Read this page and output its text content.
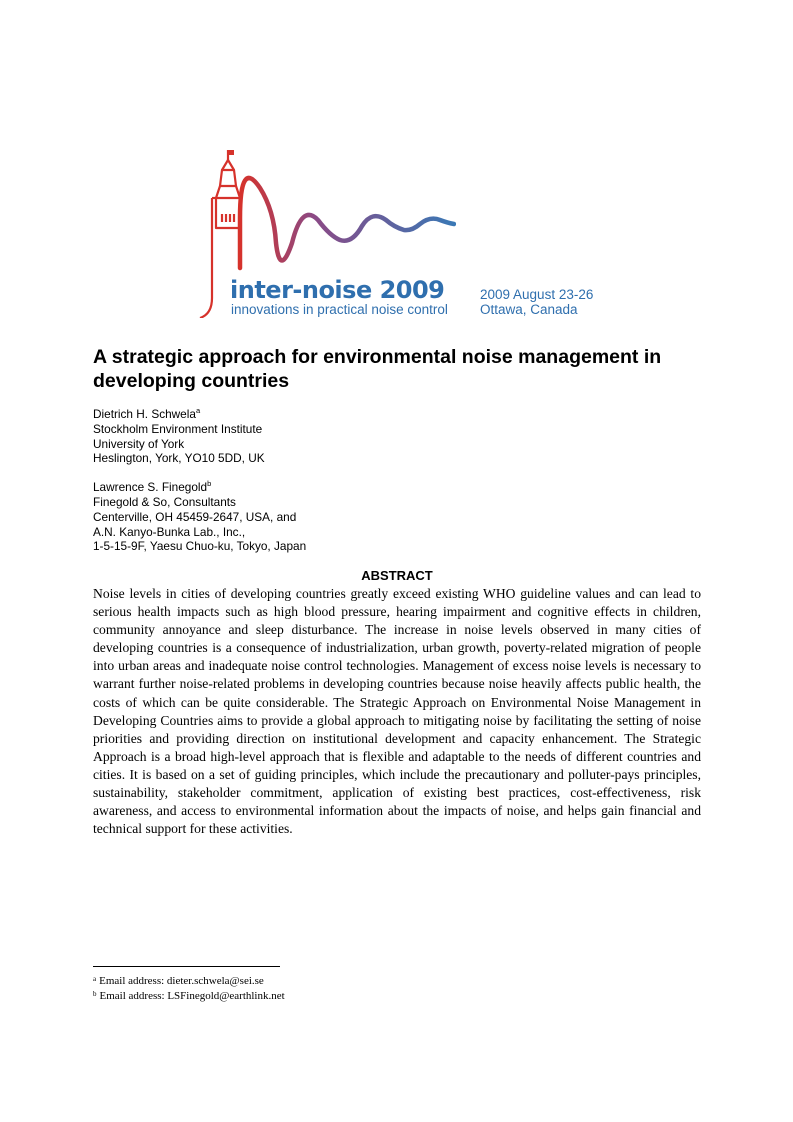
inter-noise 2009
innovations in practical noise control
2009 August 23-26
Ottawa, Canada
A strategic approach for environmental noise management in developing countries
Dietrich H. Schwela$^a$
Stockholm Environment Institute
University of York
Heslington, York, YO10 5DD, UK
Lawrence S. Finegold$^b$
Finegold & So, Consultants
Centerville, OH 45459-2647, USA, and
A.N. Kanyo-Bunka Lab., Inc.,
1-5-15-9F, Yaesu Chuo-ku, Tokyo, Japan
ABSTRACT

Noise levels in cities of developing countries greatly exceed existing WHO guideline values and can lead to serious health impacts such as high blood pressure, hearing impairment and cognitive effects in children, community annoyance and sleep disturbance. The increase in noise levels observed in many cities of developing countries is a consequence of industrialization, urban growth, poverty-related migration of people into urban areas and inadequate noise control technologies. Management of excess noise levels is necessary to warrant further noise-related problems in developing countries because noise heavily affects public health, the costs of which can be quite considerable. The Strategic Approach on Environmental Noise Management in Developing Countries aims to provide a global approach to mitigating noise by facilitating the setting of noise priorities and providing direction on institutional development and capacity enhancement. The Strategic Approach is a broad high-level approach that is flexible and adaptable to the needs of different countries and cities. It is based on a set of guiding principles, which include the precautionary and polluter-pays principles, sustainability, stakeholder commitment, application of existing best practices, cost-effectiveness, risk awareness, and access to environmental information about the impacts of noise, and helps gain financial and technical support for these activities.

$^a$ Email address: dieter.schwela@sei.se
$^b$ Email address: LSFinegold@earthlink.net
